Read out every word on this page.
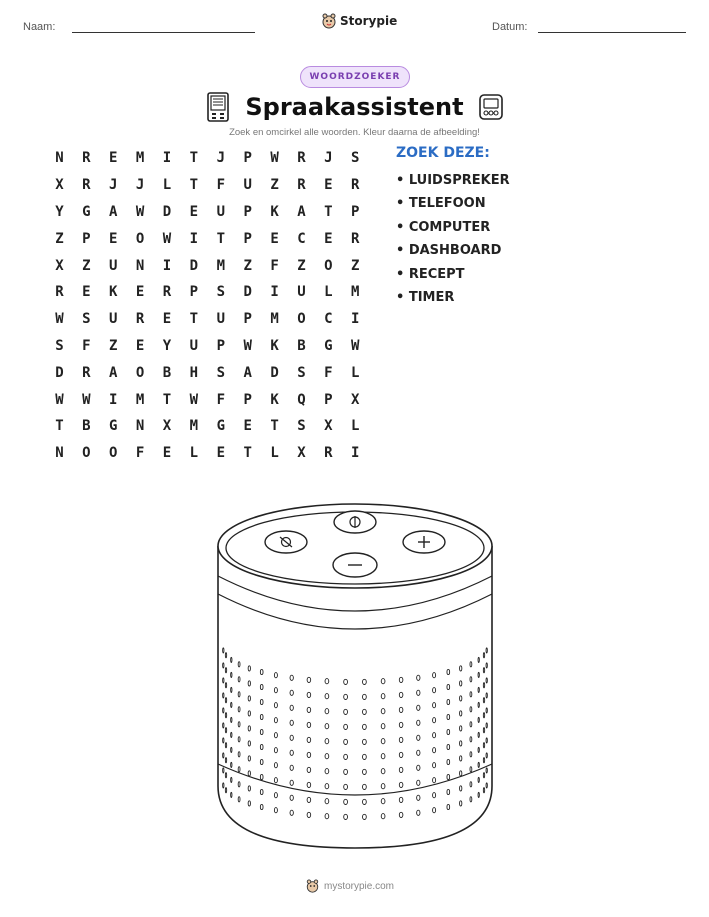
Naam:	Storypie	Datum:
WOORDZOEKER
Spraakassistent
Zoek en omcirkel alle woorden. Kleur daarna de afbeelding!
N	R	E	M	I	T	J	P	W	R	J	S
X	R	J	J	L	T	F	U	Z	R	E	R
Y	G	A	W	D	E	U	P	K	A	T	P
Z	P	E	O	W	I	T	P	E	C	E	R
X	Z	U	N	I	D	M	Z	F	Z	O	Z
R	E	K	E	R	P	S	D	I	U	L	M
W	S	U	R	E	T	U	P	M	O	C	I
S	F	Z	E	Y	U	P	W	K	B	G	W
D	R	A	O	B	H	S	A	D	S	F	L
W	W	I	M	T	W	F	P	K	Q	P	X
T	B	G	N	X	M	G	E	T	S	X	L
N	O	O	F	E	L	E	T	L	X	R	I
ZOEK DEZE:
• LUIDSPREKER
• TELEFOON
• COMPUTER
• DASHBOARD
• RECEPT
• TIMER
mystorypie.com
